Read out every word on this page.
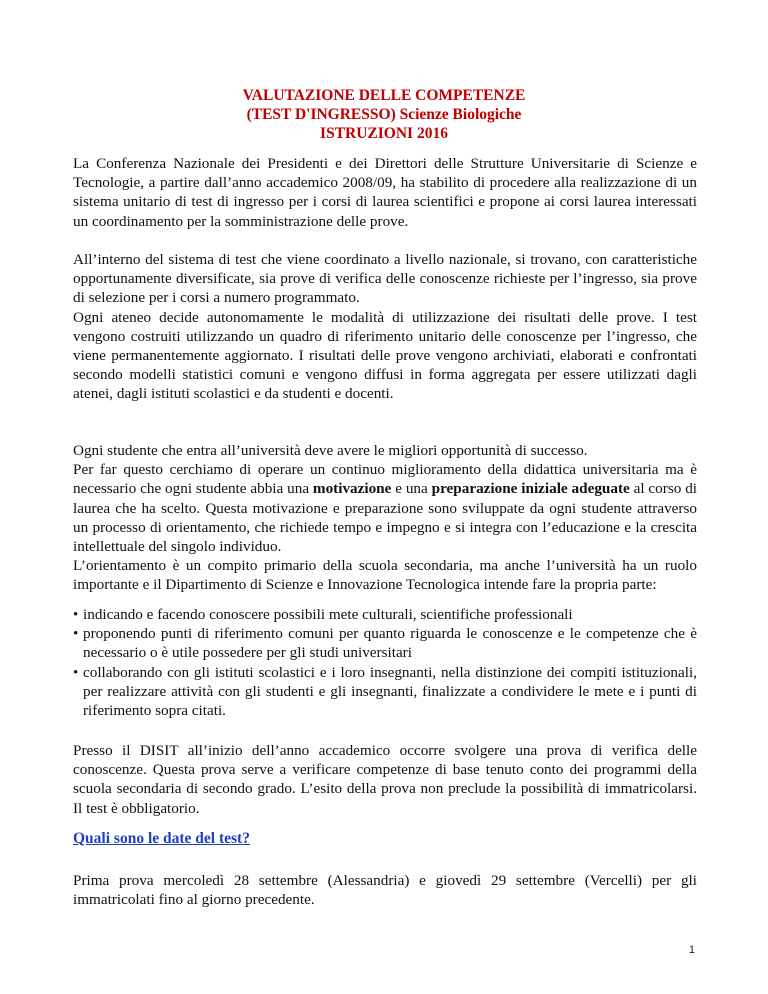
VALUTAZIONE DELLE COMPETENZE
(TEST D'INGRESSO) Scienze Biologiche
ISTRUZIONI 2016

La Conferenza Nazionale dei Presidenti e dei Direttori delle Strutture Universitarie di Scienze e Tecnologie, a partire dall’anno accademico 2008/09, ha stabilito di procedere alla realizzazione di un sistema unitario di test di ingresso per i corsi di laurea scientifici e propone ai corsi laurea interessati un coordinamento per la somministrazione delle prove.

All’interno del sistema di test che viene coordinato a livello nazionale, si trovano, con caratteristiche opportunamente diversificate, sia prove di verifica delle conoscenze richieste per l’ingresso, sia prove di selezione per i corsi a numero programmato.

Ogni ateneo decide autonomamente le modalità di utilizzazione dei risultati delle prove. I test vengono costruiti utilizzando un quadro di riferimento unitario delle conoscenze per l’ingresso, che viene permanentemente aggiornato. I risultati delle prove vengono archiviati, elaborati e confrontati secondo modelli statistici comuni e vengono diffusi in forma aggregata per essere utilizzati dagli atenei, dagli istituti scolastici e da studenti e docenti.

Ogni studente che entra all’università deve avere le migliori opportunità di successo.

Per far questo cerchiamo di operare un continuo miglioramento della didattica universitaria ma è necessario che ogni studente abbia una motivazione e una preparazione iniziale adeguate al corso di laurea che ha scelto. Questa motivazione e preparazione sono sviluppate da ogni studente attraverso un processo di orientamento, che richiede tempo e impegno e si integra con l’educazione e la crescita intellettuale del singolo individuo.

L’orientamento è un compito primario della scuola secondaria, ma anche l’università ha un ruolo importante e il Dipartimento di Scienze e Innovazione Tecnologica intende fare la propria parte:

• indicando e facendo conoscere possibili mete culturali, scientifiche professionali
• proponendo punti di riferimento comuni per quanto riguarda le conoscenze e le competenze che è necessario o è utile possedere per gli studi universitari
• collaborando con gli istituti scolastici e i loro insegnanti, nella distinzione dei compiti istituzionali, per realizzare attività con gli studenti e gli insegnanti, finalizzate a condividere le mete e i punti di riferimento sopra citati.

Presso il DISIT all’inizio dell’anno accademico occorre svolgere una prova di verifica delle conoscenze. Questa prova serve a verificare competenze di base tenuto conto dei programmi della scuola secondaria di secondo grado. L’esito della prova non preclude la possibilità di immatricolarsi. Il test è obbligatorio.

Quali sono le date del test?

Prima prova mercoledì 28 settembre (Alessandria) e giovedì 29 settembre (Vercelli) per gli immatricolati fino al giorno precedente.

1
